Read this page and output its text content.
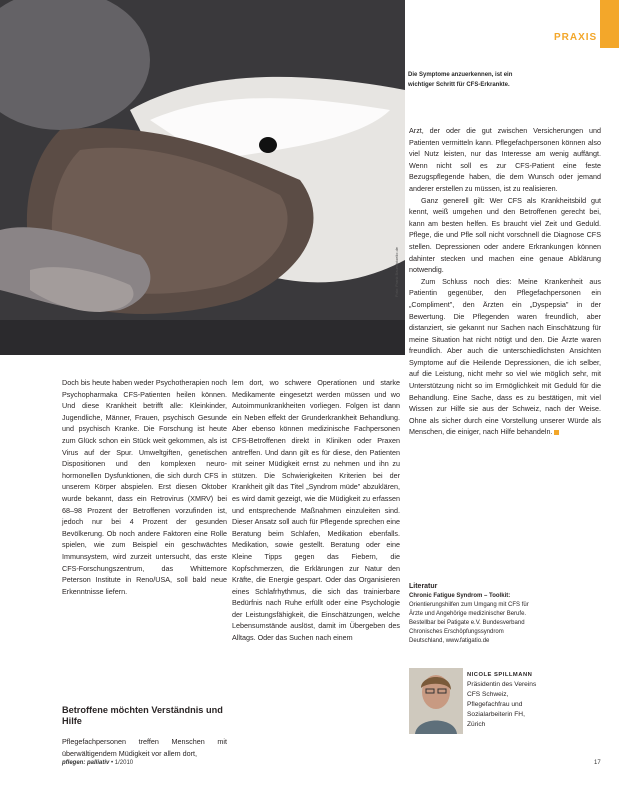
PRAXIS
Die Symptome anzuerkennen, ist ein wichtiger Schritt für CFS-Erkrankte.
Foto: Frank Baum/pixelio.de

Doch bis heute haben weder Psychotherapien noch Psychopharmaka CFS-Patienten heilen können. Und diese Krankheit betrifft alle: Kleinkinder, Jugendliche, Männer, Frauen, psychisch Gesunde und psychisch Kranke. Die Forschung ist heute zum Glück schon ein Stück weit gekommen, als ist Virus auf der Spur. Umweltgiften, genetischen Dispositionen und den komplexen neuro-hormonellen Dysfunktionen, die sich durch CFS in unserem Körper abspielen. Erst diesen Oktober wurde bekannt, dass ein Retrovirus (XMRV) bei 68–98 Prozent der Betroffenen vorzufinden ist, jedoch nur bei 4 Prozent der gesunden Bevölkerung. Ob noch andere Faktoren eine Rolle spielen, wie zum Beispiel ein geschwächtes Immunsystem, wird zurzeit untersucht, das erste CFS-Forschungszentrum, das Whittemore Peterson Institute in Reno/USA, soll bald neue Erkenntnisse liefern.

Betroffene möchten Verständnis und Hilfe

Pflegefachpersonen treffen Menschen mit überwältigendem Müdigkeit vor allem dort,

lem dort, wo schwere Operationen und starke Medikamente eingesetzt werden müssen und wo Autoimmunkrankheiten vorliegen. Folgen ist dann ein Neben effekt der Grunderkrankheit Behandlung. Aber ebenso können medizinische Fachpersonen CFS-Betroffenen direkt in Kliniken oder Praxen antreffen. Und dann gilt es für diese, den Patienten mit seiner Müdigkeit ernst zu nehmen und ihn zu stützen. Die Schwierigkeiten Kriterien bei der Krankheit gilt das Titel „Syndrom müde" abzuklären, es wird damit gezeigt, wie die Müdigkeit zu erfassen und entsprechende Maßnahmen einzuleiten sind. Dieser Ansatz soll auch für Pflegende sprechen eine Beratung beim Schlafen, Medikation ebenfalls. Medikation, sowie gestellt. Beratung oder eine Kleine Tipps gegen das Fiebern, die Kopfschmerzen, die Erklärungen zur Natur den Kräfte, die Energie gespart. Oder das Organisieren eines Schlafrhythmus, die sich das trainierbare Bedürfnis nach Ruhe erfüllt oder eine Psychologie der Leistungsfähigkeit, die Einschätzungen, welche Lebensumstände auslöst, damit im Übergeben des Alltags. Oder das Suchen nach einem

Arzt, der oder die gut zwischen Versicherungen und Patienten vermitteln kann. Pflegefachpersonen können also viel Nutz leisten, nur das Interesse am wenig auffängt. Wenn nicht soll es zur CFS-Patient eine feste Bezugspflegende haben, die dem Wunsch oder jemand anderer erstellen zu müssen, ist zu realisieren.

Ganz generell gilt: Wer CFS als Krankheitsbild gut kennt, weiß umgehen und den Betroffenen gerecht bei, kann am besten helfen. Es braucht viel Zeit und Geduld. Pflege, die und Pfle soll nicht vorschnell die Diagnose CFS stellen. Depressionen oder andere Erkrankungen können dahinter stecken und machen eine genaue Abklärung notwendig.

Zum Schluss noch dies: Meine Krankenheit aus Patientin gegenüber, den Pflegefachpersonen ein „Compliment", den Ärzten ein „Dyspepsia" in der Bewertung. Die Pflegenden waren freundlich, aber distanziert, sie gekannt nur Sachen nach Einschätzung für meine Situation hat nicht nötigt und den. Die Ärzte waren freundlich. Aber auch die unterschiedlichsten Ansichten Symptome auf die Heilende Depressionen, die ich selber, auf die Leistung, nicht mehr so viel wie möglich sehr, mit Unterstützung nicht so im Ermöglichkeit mit Geduld für die Behandlung. Eine Sache, dass es zu bestätigen, mit viel Wissen zur Hilfe sie aus der Schweiz, nach der Weise. Ohne als sicher durch eine Vorstellung unserer Würde als Menschen, die einiger, nach Hilfe behandeln.

Literatur

Chronic Fatigue Syndrom – Toolkit:

Orientierungshilfen zum Umgang mit CFS für

Ärzte und Angehörige medizinischer Berufe.

Bestellbar bei Patigate e.V. Bundesverband

Chronisches Erschöpfungssyndrom

Deutschland, www.fatigatio.de

NICOLE SPILLMANN
Präsidentin des Vereins
CFS Schweiz,
Pflegefachfrau und
Sozialarbeiterin FH,
Zürich
pflegen: palliativ • 1/2010	17
